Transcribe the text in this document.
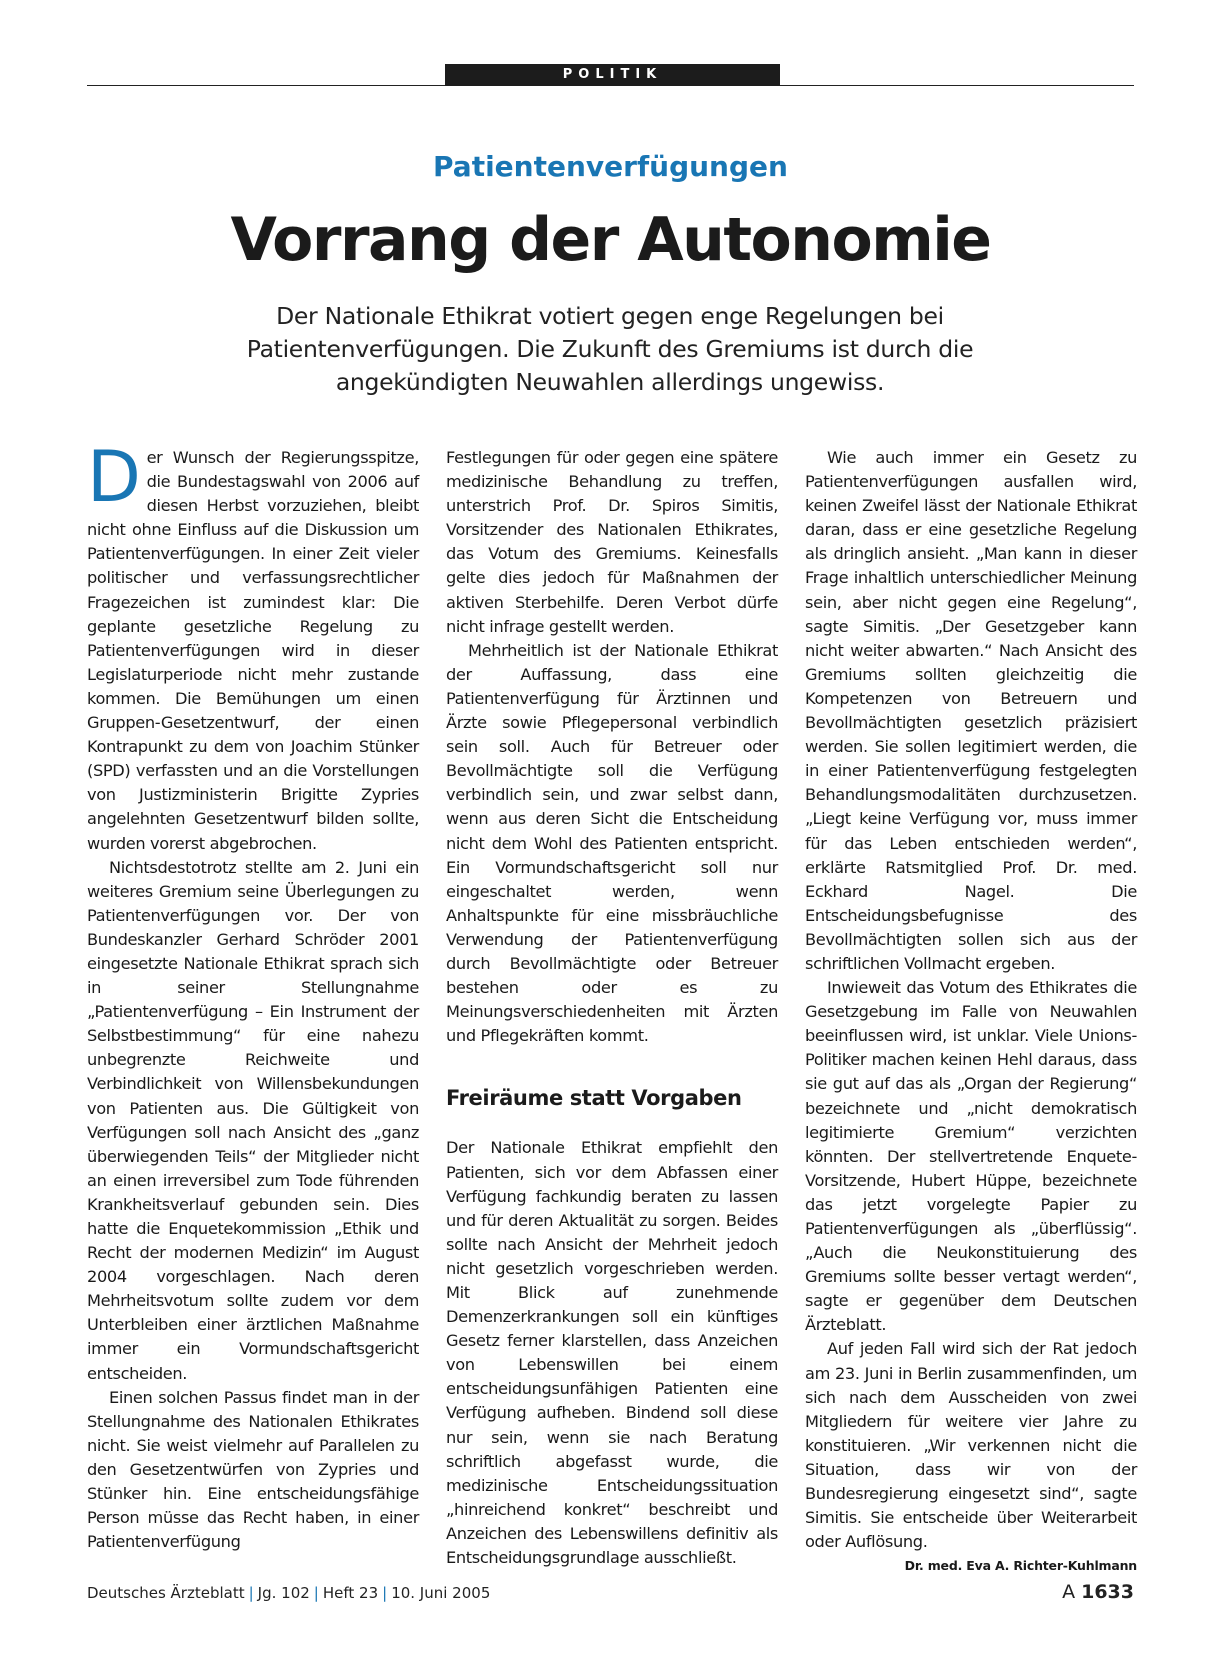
POLITIK
Patientenverfügungen
Vorrang der Autonomie
Der Nationale Ethikrat votiert gegen enge Regelungen bei Patientenverfügungen. Die Zukunft des Gremiums ist durch die angekündigten Neuwahlen allerdings ungewiss.

Der Wunsch der Regierungsspitze, die Bundestagswahl von 2006 auf diesen Herbst vorzuziehen, bleibt nicht ohne Einfluss auf die Diskussion um Patientenverfügungen. In einer Zeit vieler politischer und verfassungsrechtlicher Fragezeichen ist zumindest klar: Die geplante gesetzliche Regelung zu Patientenverfügungen wird in dieser Legislaturperiode nicht mehr zustande kommen. Die Bemühungen um einen Gruppen-Gesetzentwurf, der einen Kontrapunkt zu dem von Joachim Stünker (SPD) verfassten und an die Vorstellungen von Justizministerin Brigitte Zypries angelehnten Gesetzentwurf bilden sollte, wurden vorerst abgebrochen.

Nichtsdestotrotz stellte am 2. Juni ein weiteres Gremium seine Überlegungen zu Patientenverfügungen vor. Der von Bundeskanzler Gerhard Schröder 2001 eingesetzte Nationale Ethikrat sprach sich in seiner Stellungnahme „Patientenverfügung – Ein Instrument der Selbstbestimmung“ für eine nahezu unbegrenzte Reichweite und Verbindlichkeit von Willensbekundungen von Patienten aus. Die Gültigkeit von Verfügungen soll nach Ansicht des „ganz überwiegenden Teils“ der Mitglieder nicht an einen irreversibel zum Tode führenden Krankheitsverlauf gebunden sein. Dies hatte die Enquetekommission „Ethik und Recht der modernen Medizin“ im August 2004 vorgeschlagen. Nach deren Mehrheitsvotum sollte zudem vor dem Unterbleiben einer ärztlichen Maßnahme immer ein Vormundschaftsgericht entscheiden.

Einen solchen Passus findet man in der Stellungnahme des Nationalen Ethikrates nicht. Sie weist vielmehr auf Parallelen zu den Gesetzentwürfen von Zypries und Stünker hin. Eine entscheidungsfähige Person müsse das Recht haben, in einer Patientenverfügung

Festlegungen für oder gegen eine spätere medizinische Behandlung zu treffen, unterstrich Prof. Dr. Spiros Simitis, Vorsitzender des Nationalen Ethikrates, das Votum des Gremiums. Keinesfalls gelte dies jedoch für Maßnahmen der aktiven Sterbehilfe. Deren Verbot dürfe nicht infrage gestellt werden.

Mehrheitlich ist der Nationale Ethikrat der Auffassung, dass eine Patientenverfügung für Ärztinnen und Ärzte sowie Pflegepersonal verbindlich sein soll. Auch für Betreuer oder Bevollmächtigte soll die Verfügung verbindlich sein, und zwar selbst dann, wenn aus deren Sicht die Entscheidung nicht dem Wohl des Patienten entspricht. Ein Vormundschaftsgericht soll nur eingeschaltet werden, wenn Anhaltspunkte für eine missbräuchliche Verwendung der Patientenverfügung durch Bevollmächtigte oder Betreuer bestehen oder es zu Meinungsverschiedenheiten mit Ärzten und Pflegekräften kommt.

Freiräume statt Vorgaben

Der Nationale Ethikrat empfiehlt den Patienten, sich vor dem Abfassen einer Verfügung fachkundig beraten zu lassen und für deren Aktualität zu sorgen. Beides sollte nach Ansicht der Mehrheit jedoch nicht gesetzlich vorgeschrieben werden. Mit Blick auf zunehmende Demenzerkrankungen soll ein künftiges Gesetz ferner klarstellen, dass Anzeichen von Lebenswillen bei einem entscheidungsunfähigen Patienten eine Verfügung aufheben. Bindend soll diese nur sein, wenn sie nach Beratung schriftlich abgefasst wurde, die medizinische Entscheidungssituation „hinreichend konkret“ beschreibt und Anzeichen des Lebenswillens definitiv als Entscheidungsgrundlage ausschließt.

Wie auch immer ein Gesetz zu Patientenverfügungen ausfallen wird, keinen Zweifel lässt der Nationale Ethikrat daran, dass er eine gesetzliche Regelung als dringlich ansieht. „Man kann in dieser Frage inhaltlich unterschiedlicher Meinung sein, aber nicht gegen eine Regelung“, sagte Simitis. „Der Gesetzgeber kann nicht weiter abwarten.“ Nach Ansicht des Gremiums sollten gleichzeitig die Kompetenzen von Betreuern und Bevollmächtigten gesetzlich präzisiert werden. Sie sollen legitimiert werden, die in einer Patientenverfügung festgelegten Behandlungsmodalitäten durchzusetzen. „Liegt keine Verfügung vor, muss immer für das Leben entschieden werden“, erklärte Ratsmitglied Prof. Dr. med. Eckhard Nagel. Die Entscheidungsbefugnisse des Bevollmächtigten sollen sich aus der schriftlichen Vollmacht ergeben.

Inwieweit das Votum des Ethikrates die Gesetzgebung im Falle von Neuwahlen beeinflussen wird, ist unklar. Viele Unions-Politiker machen keinen Hehl daraus, dass sie gut auf das als „Organ der Regierung“ bezeichnete und „nicht demokratisch legitimierte Gremium“ verzichten könnten. Der stellvertretende Enquete-Vorsitzende, Hubert Hüppe, bezeichnete das jetzt vorgelegte Papier zu Patientenverfügungen als „überflüssig“. „Auch die Neukonstituierung des Gremiums sollte besser vertagt werden“, sagte er gegenüber dem Deutschen Ärzteblatt.

Auf jeden Fall wird sich der Rat jedoch am 23. Juni in Berlin zusammenfinden, um sich nach dem Ausscheiden von zwei Mitgliedern für weitere vier Jahre zu konstituieren. „Wir verkennen nicht die Situation, dass wir von der Bundesregierung eingesetzt sind“, sagte Simitis. Sie entscheide über Weiterarbeit oder Auflösung.
Dr. med. Eva A. Richter-Kuhlmann

Deutsches Ärzteblatt | Jg. 102 | Heft 23 | 10. Juni 2005	A 1633
